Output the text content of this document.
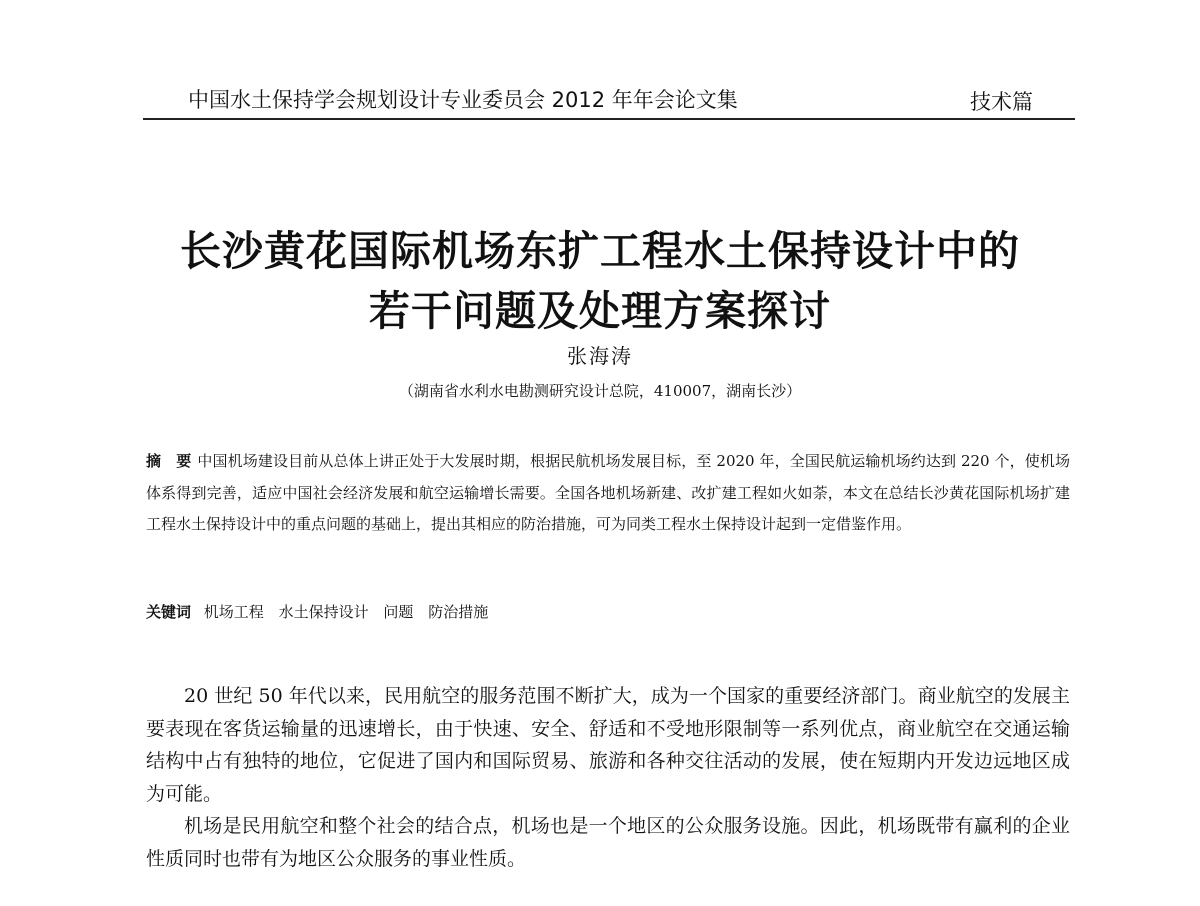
中国水土保持学会规划设计专业委员会 2012 年年会论文集	技术篇
长沙黄花国际机场东扩工程水土保持设计中的
若干问题及处理方案探讨
张海涛
（湖南省水利水电勘测研究设计总院，410007，湖南长沙）
摘　要 中国机场建设目前从总体上讲正处于大发展时期，根据民航机场发展目标，至 2020 年，全国民航运输机场约达到 220 个，使机场体系得到完善，适应中国社会经济发展和航空运输增长需要。全国各地机场新建、改扩建工程如火如荼，本文在总结长沙黄花国际机场扩建工程水土保持设计中的重点问题的基础上，提出其相应的防治措施，可为同类工程水土保持设计起到一定借鉴作用。
关键词 机场工程 水土保持设计 问题 防治措施

20 世纪 50 年代以来，民用航空的服务范围不断扩大，成为一个国家的重要经济部门。商业航空的发展主要表现在客货运输量的迅速增长，由于快速、安全、舒适和不受地形限制等一系列优点，商业航空在交通运输结构中占有独特的地位，它促进了国内和国际贸易、旅游和各种交往活动的发展，使在短期内开发边远地区成为可能。

机场是民用航空和整个社会的结合点，机场也是一个地区的公众服务设施。因此，机场既带有赢利的企业性质同时也带有为地区公众服务的事业性质。
